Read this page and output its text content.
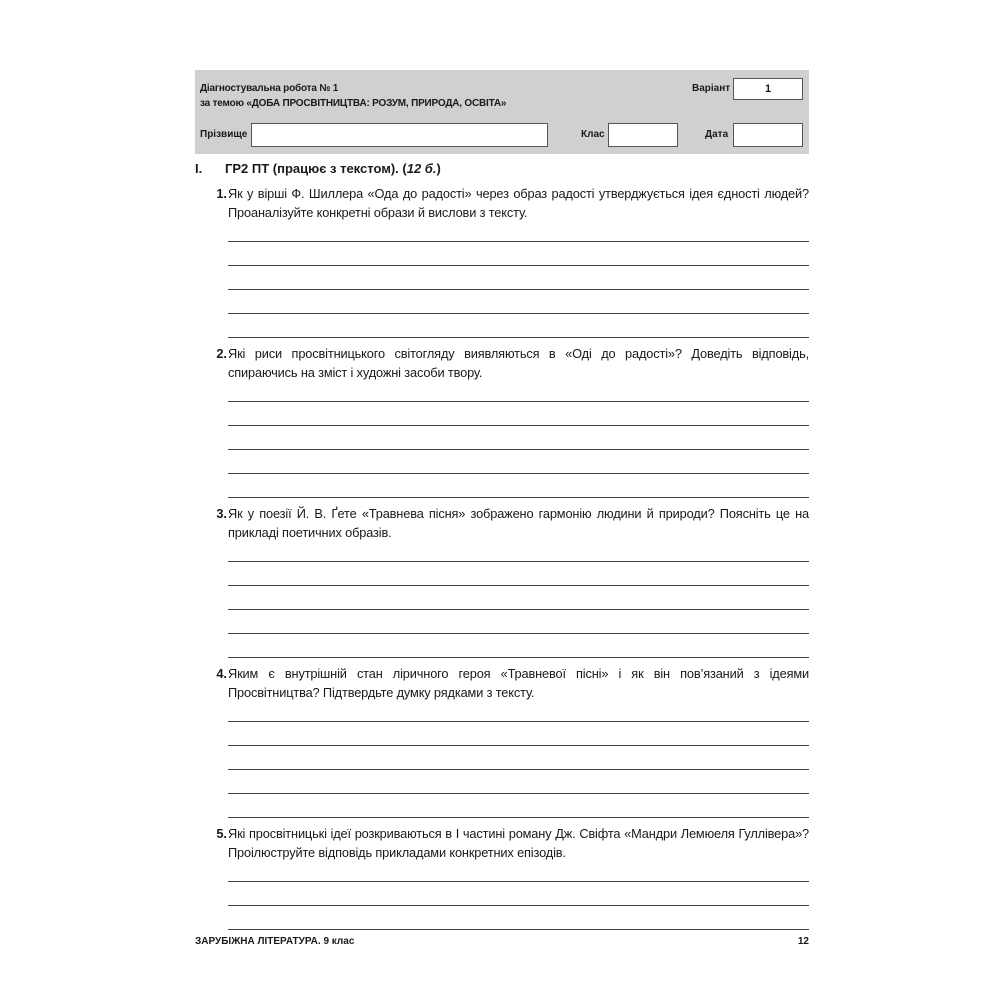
Діагностувальна робота № 1
за темою «ДОБА ПРОСВІТНИЦТВА: РОЗУМ, ПРИРОДА, ОСВІТА»
Варіант	1
Прізвище	Клас	Дата
I. ГР2 ПТ (працює з текстом). (12 б.)
1. Як у вірші Ф. Шиллера «Ода до радості» через образ радості утверджується ідея єдності людей? Проаналізуйте конкретні образи й вислови з тексту.
2. Які риси просвітницького світогляду виявляються в «Оді до радості»? Доведіть відповідь, спираючись на зміст і художні засоби твору.
3. Як у поезії Й. В. Ґете «Травнева пісня» зображено гармонію людини й природи? Поясніть це на прикладі поетичних образів.
4. Яким є внутрішній стан ліричного героя «Травневої пісні» і як він пов’язаний з ідеями Просвітництва? Підтвердьте думку рядками з тексту.
5. Які просвітницькі ідеї розкриваються в І частині роману Дж. Свіфта «Мандри Лемюеля Гуллівера»? Проілюструйте відповідь прикладами конкретних епізодів.
ЗАРУБІЖНА ЛІТЕРАТУРА. 9 клас	12
